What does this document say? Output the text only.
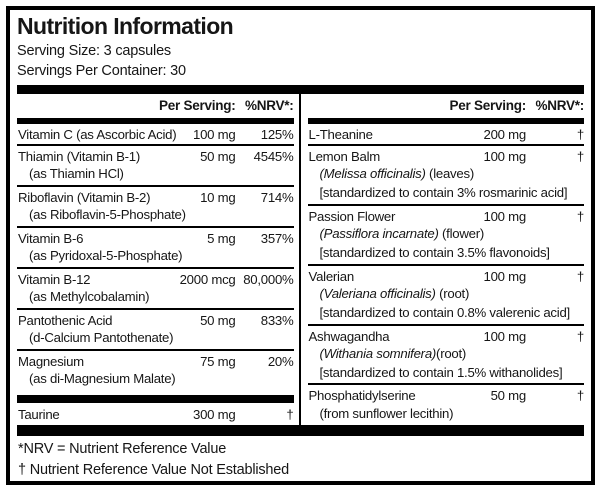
Nutrition Information
Serving Size: 3 capsules
Servings Per Container: 30
Per Serving: %NRV*:
Vitamin C (as Ascorbic Acid)	100 mg	125%
Thiamin (Vitamin B-1)	50 mg	4545%
(as Thiamin HCl)
Riboflavin (Vitamin B-2)	10 mg	714%
(as Riboflavin-5-Phosphate)
Vitamin B-6	5 mg	357%
(as Pyridoxal-5-Phosphate)
Vitamin B-12	2000 mcg 80,000%
(as Methylcobalamin)
Pantothenic Acid	50 mg	833%
(d-Calcium Pantothenate)
Magnesium	75 mg	20%
(as di-Magnesium Malate)
Taurine	300 mg	†
Per Serving: %NRV*:
L-Theanine	200 mg	†
Lemon Balm	100 mg	†
(Melissa officinalis) (leaves)
[standardized to contain 3% rosmarinic acid]
Passion Flower	100 mg	†
(Passiflora incarnate) (flower)
[standardized to contain 3.5% flavonoids]
Valerian	100 mg	†
(Valeriana officinalis) (root)
[standardized to contain 0.8% valerenic acid]
Ashwagandha	100 mg	†
(Withania somnifera)(root)
[standardized to contain 1.5% withanolides]
Phosphatidylserine	50 mg	†
(from sunflower lecithin)
*NRV = Nutrient Reference Value
† Nutrient Reference Value Not Established
